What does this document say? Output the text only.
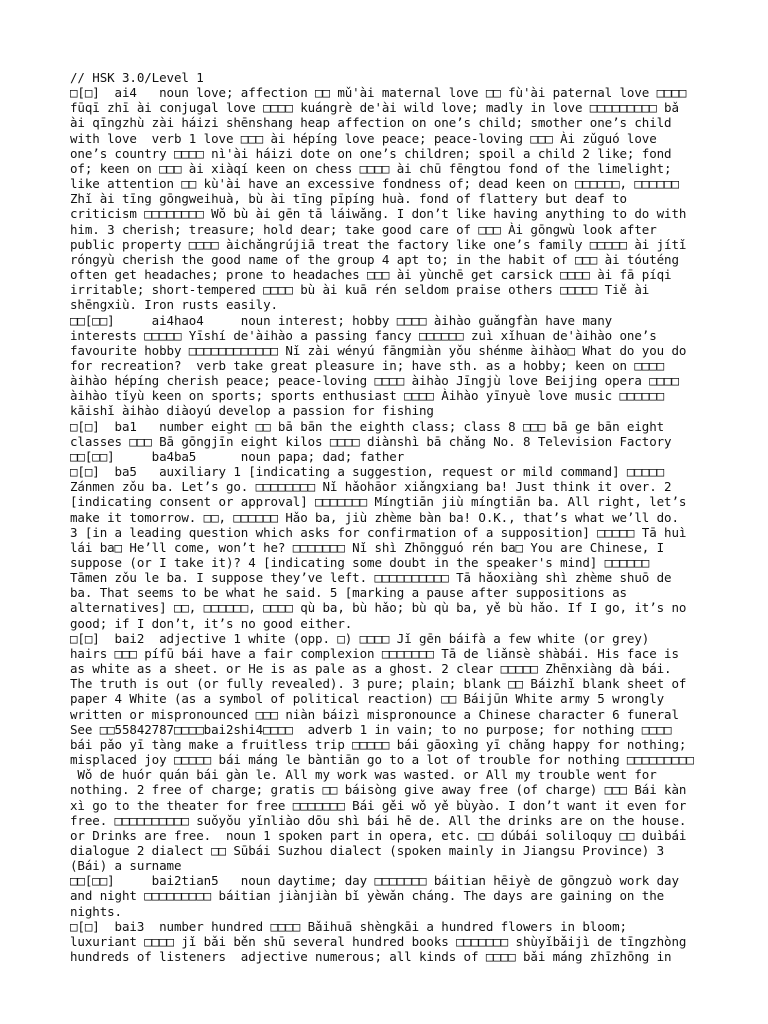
// HSK 3.0/Level 1

□[□]  ai4   noun love; affection □□ mǔ'ài maternal love □□ fù'ài paternal love □□□□

fūqī zhī ài conjugal love □□□□ kuángrè de'ài wild love; madly in love □□□□□□□□□ bǎ

ài qīngzhù zài háizi shēnshang heap affection on one’s child; smother one’s child

with love  verb 1 love □□□ ài hépíng love peace; peace-loving □□□ Ài zǔguó love

one’s country □□□□ nì'ài háizi dote on one’s children; spoil a child 2 like; fond

of; keen on □□□ ài xiàqí keen on chess □□□□ ài chū fēngtou fond of the limelight;

like attention □□ kù'ài have an excessive fondness of; dead keen on □□□□□□, □□□□□□

Zhǐ ài tīng gōngweihuà, bù ài tīng pīpíng huà. fond of flattery but deaf to

criticism □□□□□□□□ Wǒ bù ài gēn tā láiwǎng. I don’t like having anything to do with

him. 3 cherish; treasure; hold dear; take good care of □□□ Ài gōngwù look after

public property □□□□ àichǎngrújiā treat the factory like one’s family □□□□□ ài jítǐ

róngyù cherish the good name of the group 4 apt to; in the habit of □□□ ài tóuténg

often get headaches; prone to headaches □□□ ài yùnchē get carsick □□□□ ài fā píqi

irritable; short-tempered □□□□ bù ài kuā rén seldom praise others □□□□□ Tiě ài

shēngxiù. Iron rusts easily.

□□[□□]     ai4hao4     noun interest; hobby □□□□ àihào guǎngfàn have many

interests □□□□□ Yīshí de'àihào a passing fancy □□□□□□ zuì xǐhuan de'àihào one’s

favourite hobby □□□□□□□□□□□□ Nǐ zài wényú fāngmiàn yǒu shénme àihào□ What do you do

for recreation?  verb take great pleasure in; have sth. as a hobby; keen on □□□□

àihào hépíng cherish peace; peace-loving □□□□ àihào Jīngjù love Beijing opera □□□□

àihào tǐyù keen on sports; sports enthusiast □□□□ Àihào yīnyuè love music □□□□□□

kāishǐ àihào diàoyú develop a passion for fishing

□[□]  ba1   number eight □□ bā bān the eighth class; class 8 □□□ bā ge bān eight

classes □□□ Bā gōngjīn eight kilos □□□□ diànshì bā chǎng No. 8 Television Factory

□□[□□]     ba4ba5      noun papa; dad; father

□[□]  ba5   auxiliary 1 [indicating a suggestion, request or mild command] □□□□□

Zánmen zǒu ba. Let’s go. □□□□□□□□ Nǐ hǎohāor xiǎngxiang ba! Just think it over. 2

[indicating consent or approval] □□□□□□□ Míngtiān jiù míngtiān ba. All right, let’s

make it tomorrow. □□, □□□□□□ Hǎo ba, jiù zhème bàn ba! O.K., that’s what we’ll do.

3 [in a leading question which asks for confirmation of a supposition] □□□□□ Tā huì

lái ba□ He’ll come, won’t he? □□□□□□□ Nǐ shì Zhōngguó rén ba□ You are Chinese, I

suppose (or I take it)? 4 [indicating some doubt in the speaker's mind] □□□□□□

Tāmen zǒu le ba. I suppose they’ve left. □□□□□□□□□□ Tā hǎoxiàng shì zhème shuō de

ba. That seems to be what he said. 5 [marking a pause after suppositions as

alternatives] □□, □□□□□□, □□□□ qù ba, bù hǎo; bù qù ba, yě bù hǎo. If I go, it’s no

good; if I don’t, it’s no good either.

□[□]  bai2  adjective 1 white (opp. □) □□□□ Jǐ gēn báifà a few white (or grey)

hairs □□□ pífū bái have a fair complexion □□□□□□□ Tā de liǎnsè shàbái. His face is

as white as a sheet. or He is as pale as a ghost. 2 clear □□□□□ Zhēnxiàng dà bái.

The truth is out (or fully revealed). 3 pure; plain; blank □□ Báizhǐ blank sheet of

paper 4 White (as a symbol of political reaction) □□ Báijūn White army 5 wrongly

written or mispronounced □□□ niàn báizì mispronounce a Chinese character 6 funeral

See □□55842787□□□□bai2shi4□□□□  adverb 1 in vain; to no purpose; for nothing □□□□

bái pǎo yī tàng make a fruitless trip □□□□□ bái gāoxìng yī chǎng happy for nothing;

misplaced joy □□□□□ bái máng le bàntiān go to a lot of trouble for nothing □□□□□□□□□

Wǒ de huór quán bái gàn le. All my work was wasted. or All my trouble went for

nothing. 2 free of charge; gratis □□ báisòng give away free (of charge) □□□ Bái kàn

xì go to the theater for free □□□□□□□ Bái gěi wǒ yě bùyào. I don’t want it even for

free. □□□□□□□□□□ suǒyǒu yǐnliào dōu shì bái hē de. All the drinks are on the house.

or Drinks are free.  noun 1 spoken part in opera, etc. □□ dúbái soliloquy □□ duìbái

dialogue 2 dialect □□ Sūbái Suzhou dialect (spoken mainly in Jiangsu Province) 3

(Bái) a surname

□□[□□]     bai2tian5   noun daytime; day □□□□□□□ báitian hēiyè de gōngzuò work day

and night □□□□□□□□□ báitian jiànjiàn bǐ yèwǎn cháng. The days are gaining on the

nights.

□[□]  bai3  number hundred □□□□ Bǎihuā shèngkāi a hundred flowers in bloom;

luxuriant □□□□ jǐ bǎi běn shū several hundred books □□□□□□□ shùyǐbǎijì de tīngzhòng

hundreds of listeners  adjective numerous; all kinds of □□□□ bǎi máng zhīzhōng in
